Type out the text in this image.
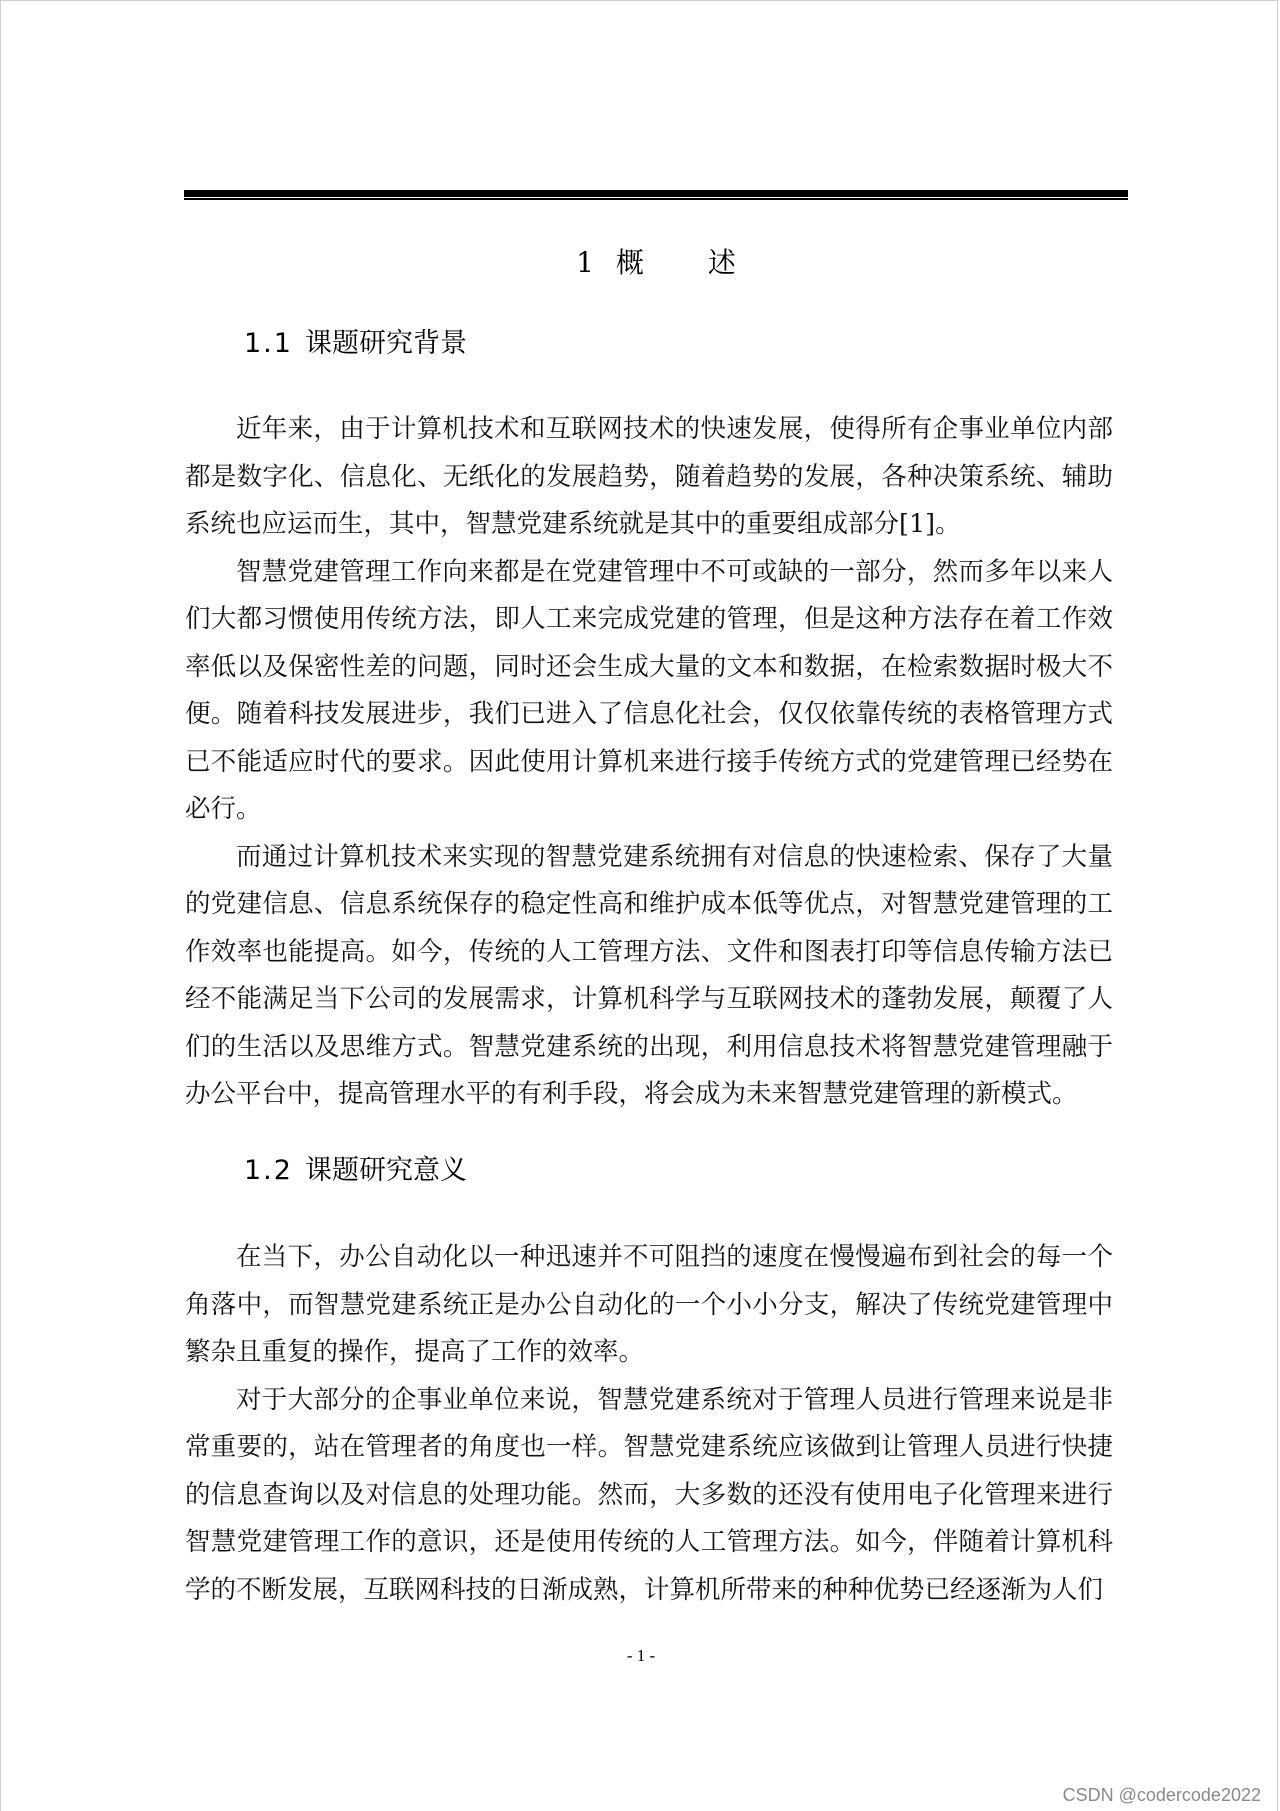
1 概 述
1.1 课题研究背景

近年来，由于计算机技术和互联网技术的快速发展，使得所有企事业单位内部都是数字化、信息化、无纸化的发展趋势，随着趋势的发展，各种决策系统、辅助系统也应运而生，其中，智慧党建系统就是其中的重要组成部分[1]。

智慧党建管理工作向来都是在党建管理中不可或缺的一部分，然而多年以来人们大都习惯使用传统方法，即人工来完成党建的管理，但是这种方法存在着工作效率低以及保密性差的问题，同时还会生成大量的文本和数据，在检索数据时极大不便。随着科技发展进步，我们已进入了信息化社会，仅仅依靠传统的表格管理方式已不能适应时代的要求。因此使用计算机来进行接手传统方式的党建管理已经势在必行。

而通过计算机技术来实现的智慧党建系统拥有对信息的快速检索、保存了大量的党建信息、信息系统保存的稳定性高和维护成本低等优点，对智慧党建管理的工作效率也能提高。如今，传统的人工管理方法、文件和图表打印等信息传输方法已经不能满足当下公司的发展需求，计算机科学与互联网技术的蓬勃发展，颠覆了人们的生活以及思维方式。智慧党建系统的出现，利用信息技术将智慧党建管理融于办公平台中，提高管理水平的有利手段，将会成为未来智慧党建管理的新模式。

1.2 课题研究意义

在当下，办公自动化以一种迅速并不可阻挡的速度在慢慢遍布到社会的每一个角落中，而智慧党建系统正是办公自动化的一个小小分支，解决了传统党建管理中繁杂且重复的操作，提高了工作的效率。

对于大部分的企事业单位来说，智慧党建系统对于管理人员进行管理来说是非常重要的，站在管理者的角度也一样。智慧党建系统应该做到让管理人员进行快捷的信息查询以及对信息的处理功能。然而，大多数的还没有使用电子化管理来进行智慧党建管理工作的意识，还是使用传统的人工管理方法。如今，伴随着计算机科学的不断发展，互联网科技的日渐成熟，计算机所带来的种种优势已经逐渐为人们

- 1 -
CSDN @codercode2022
